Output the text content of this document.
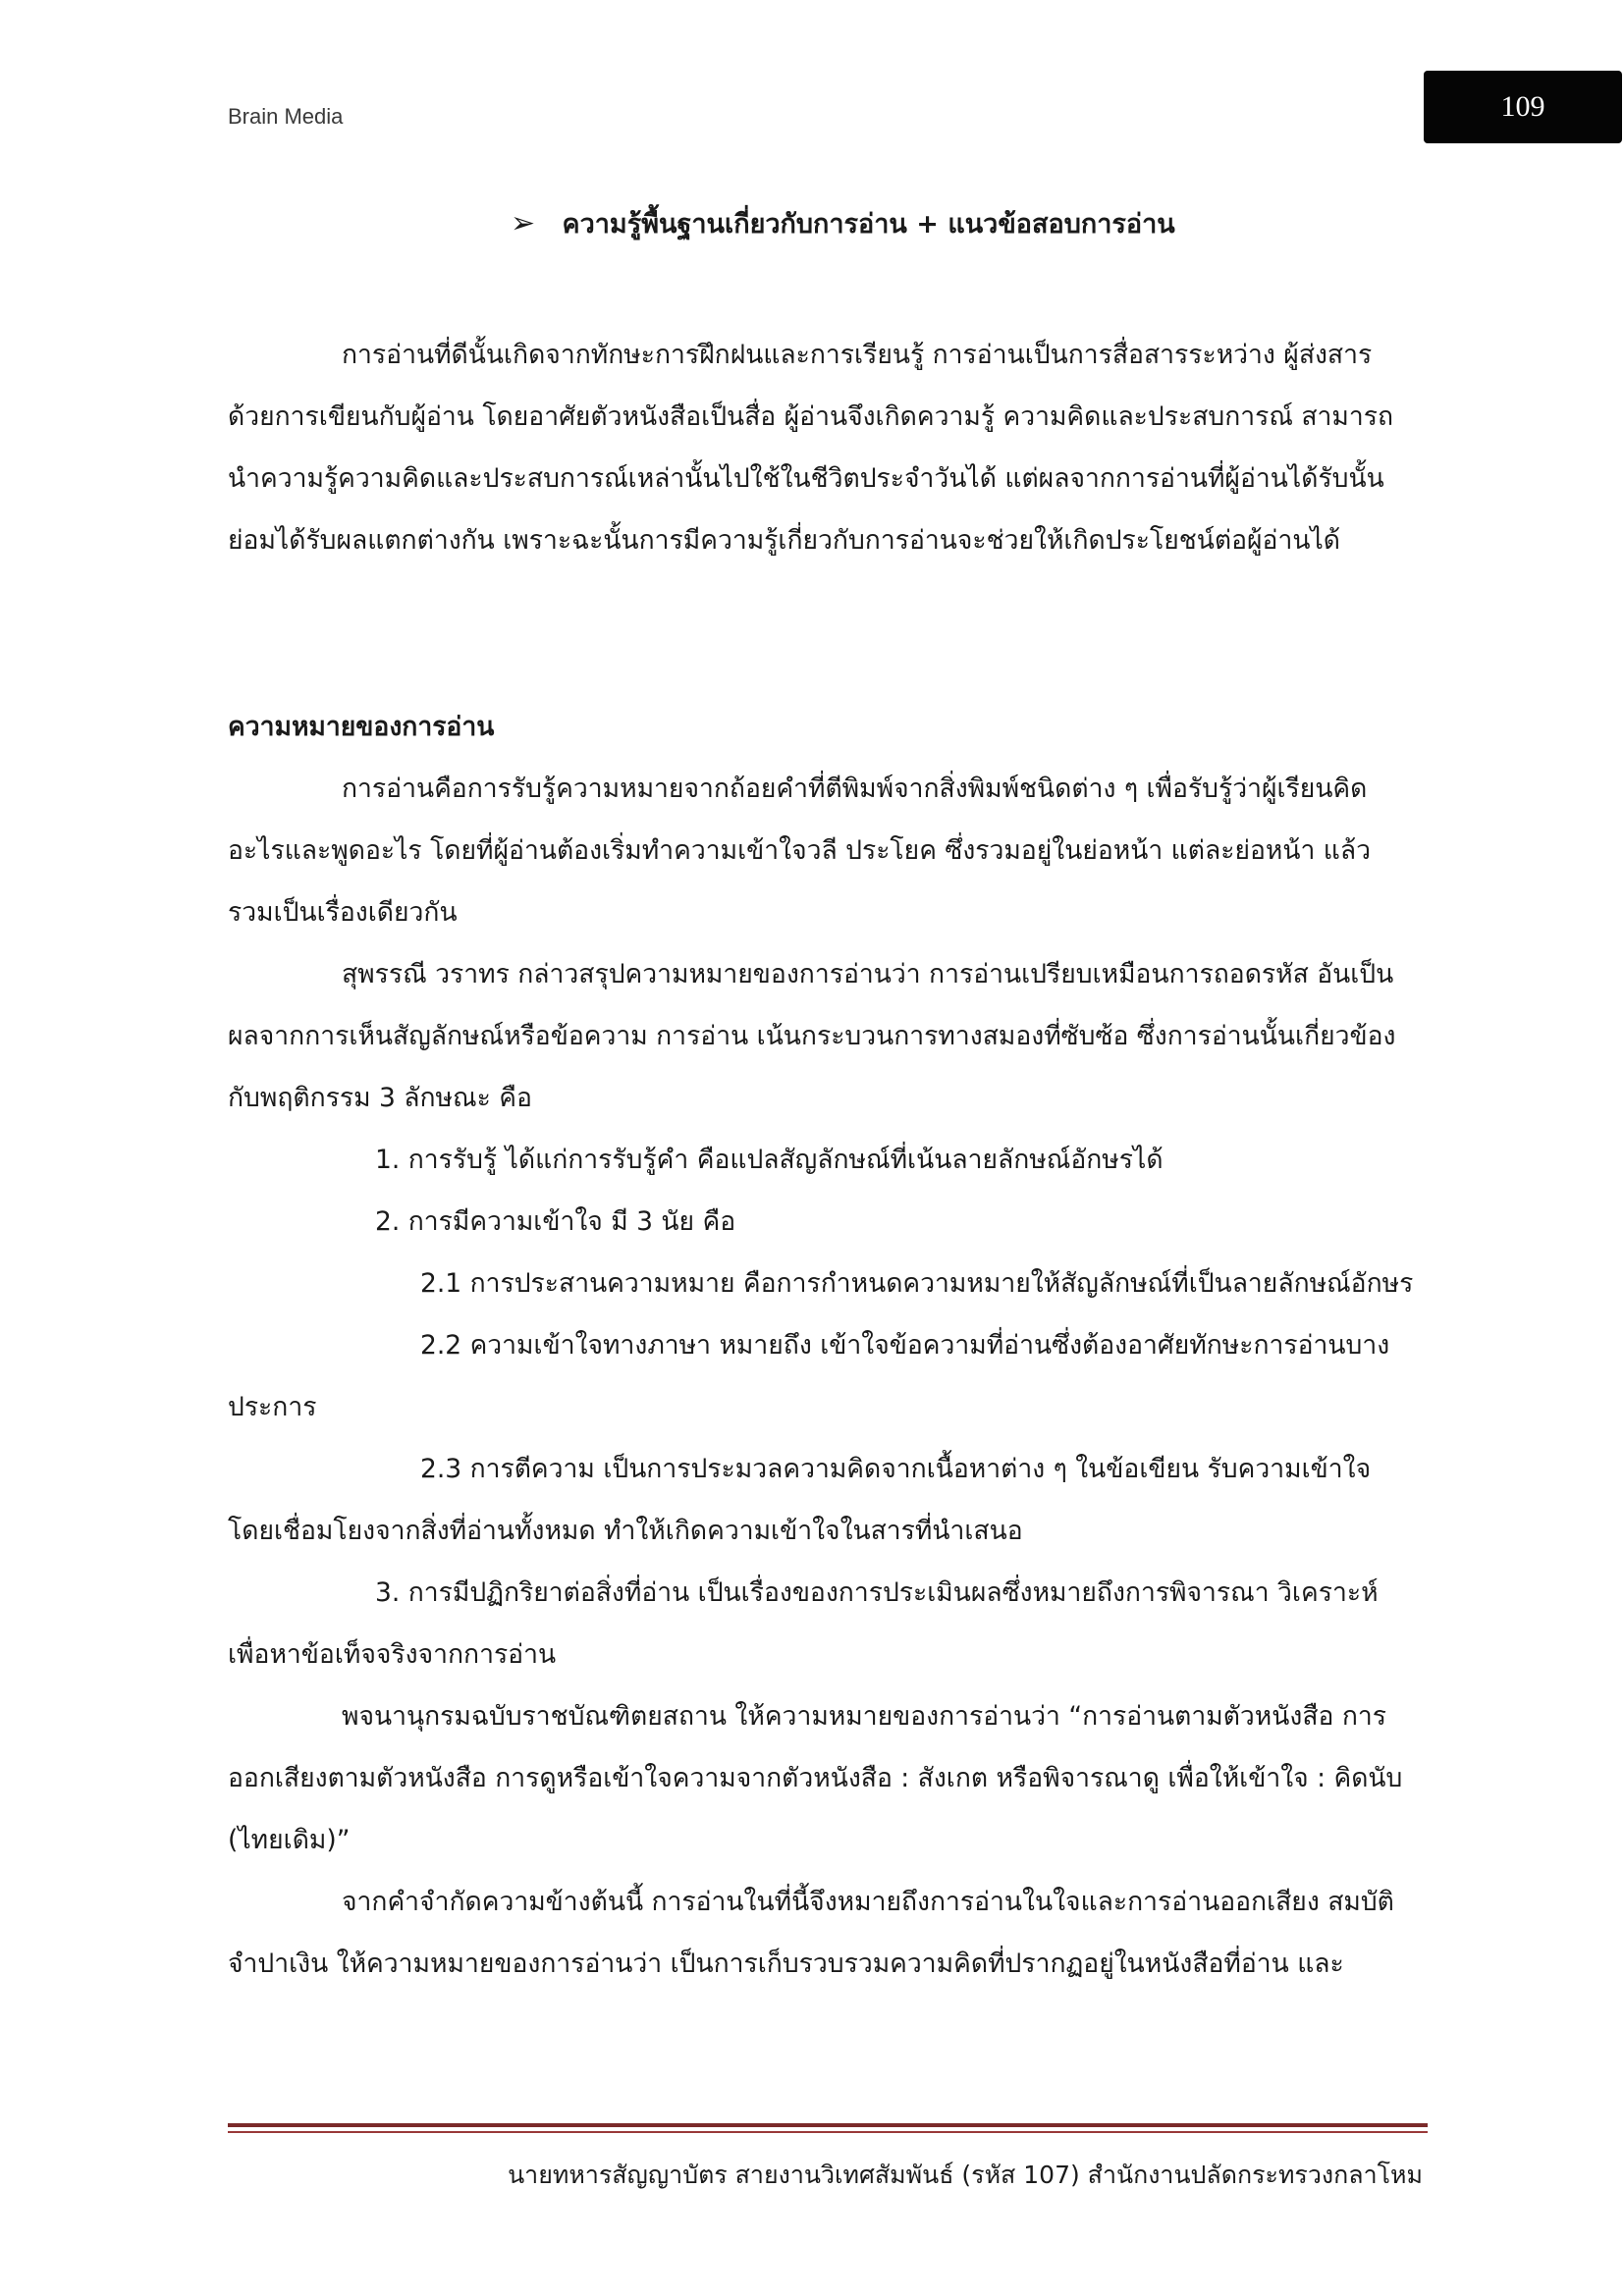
Brain Media	109
➢ ความรู้พื้นฐานเกี่ยวกับการอ่าน + แนวข้อสอบการอ่าน

การอ่านที่ดีนั้นเกิดจากทักษะการฝึกฝนและการเรียนรู้ การอ่านเป็นการสื่อสารระหว่าง ผู้ส่งสารด้วยการเขียนกับผู้อ่าน โดยอาศัยตัวหนังสือเป็นสื่อ ผู้อ่านจึงเกิดความรู้ ความคิดและประสบการณ์ สามารถนำความรู้ความคิดและประสบการณ์เหล่านั้นไปใช้ในชีวิตประจำวันได้ แต่ผลจากการอ่านที่ผู้อ่านได้รับนั้นย่อมได้รับผลแตกต่างกัน เพราะฉะนั้นการมีความรู้เกี่ยวกับการอ่านจะช่วยให้เกิดประโยชน์ต่อผู้อ่านได้

ความหมายของการอ่าน

การอ่านคือการรับรู้ความหมายจากถ้อยคำที่ตีพิมพ์จากสิ่งพิมพ์ชนิดต่าง ๆ เพื่อรับรู้ว่าผู้เรียนคิดอะไรและพูดอะไร โดยที่ผู้อ่านต้องเริ่มทำความเข้าใจวลี ประโยค ซึ่งรวมอยู่ในย่อหน้า แต่ละย่อหน้า แล้วรวมเป็นเรื่องเดียวกัน

สุพรรณี วราทร กล่าวสรุปความหมายของการอ่านว่า การอ่านเปรียบเหมือนการถอดรหัส อันเป็นผลจากการเห็นสัญลักษณ์หรือข้อความ การอ่าน เน้นกระบวนการทางสมองที่ซับซ้อ ซึ่งการอ่านนั้นเกี่ยวข้องกับพฤติกรรม 3 ลักษณะ คือ

1. การรับรู้ ได้แก่การรับรู้คำ คือแปลสัญลักษณ์ที่เน้นลายลักษณ์อักษรได้

2. การมีความเข้าใจ มี 3 นัย คือ

2.1 การประสานความหมาย คือการกำหนดความหมายให้สัญลักษณ์ที่เป็นลายลักษณ์อักษร

2.2 ความเข้าใจทางภาษา หมายถึง เข้าใจข้อความที่อ่านซึ่งต้องอาศัยทักษะการอ่านบางประการ

2.3 การตีความ เป็นการประมวลความคิดจากเนื้อหาต่าง ๆ ในข้อเขียน รับความเข้าใจโดยเชื่อมโยงจากสิ่งที่อ่านทั้งหมด ทำให้เกิดความเข้าใจในสารที่นำเสนอ

3. การมีปฏิกริยาต่อสิ่งที่อ่าน เป็นเรื่องของการประเมินผลซึ่งหมายถึงการพิจารณา วิเคราะห์เพื่อหาข้อเท็จจริงจากการอ่าน

พจนานุกรมฉบับราชบัณฑิตยสถาน ให้ความหมายของการอ่านว่า “การอ่านตามตัวหนังสือ การออกเสียงตามตัวหนังสือ การดูหรือเข้าใจความจากตัวหนังสือ : สังเกต หรือพิจารณาดู เพื่อให้เข้าใจ : คิดนับ (ไทยเดิม)”

จากคำจำกัดความข้างต้นนี้ การอ่านในที่นี้จึงหมายถึงการอ่านในใจและการอ่านออกเสียง สมบัติ จำปาเงิน ให้ความหมายของการอ่านว่า เป็นการเก็บรวบรวมความคิดที่ปรากฏอยู่ในหนังสือที่อ่าน และ

นายทหารสัญญาบัตร สายงานวิเทศสัมพันธ์ (รหัส 107) สำนักงานปลัดกระทรวงกลาโหม
